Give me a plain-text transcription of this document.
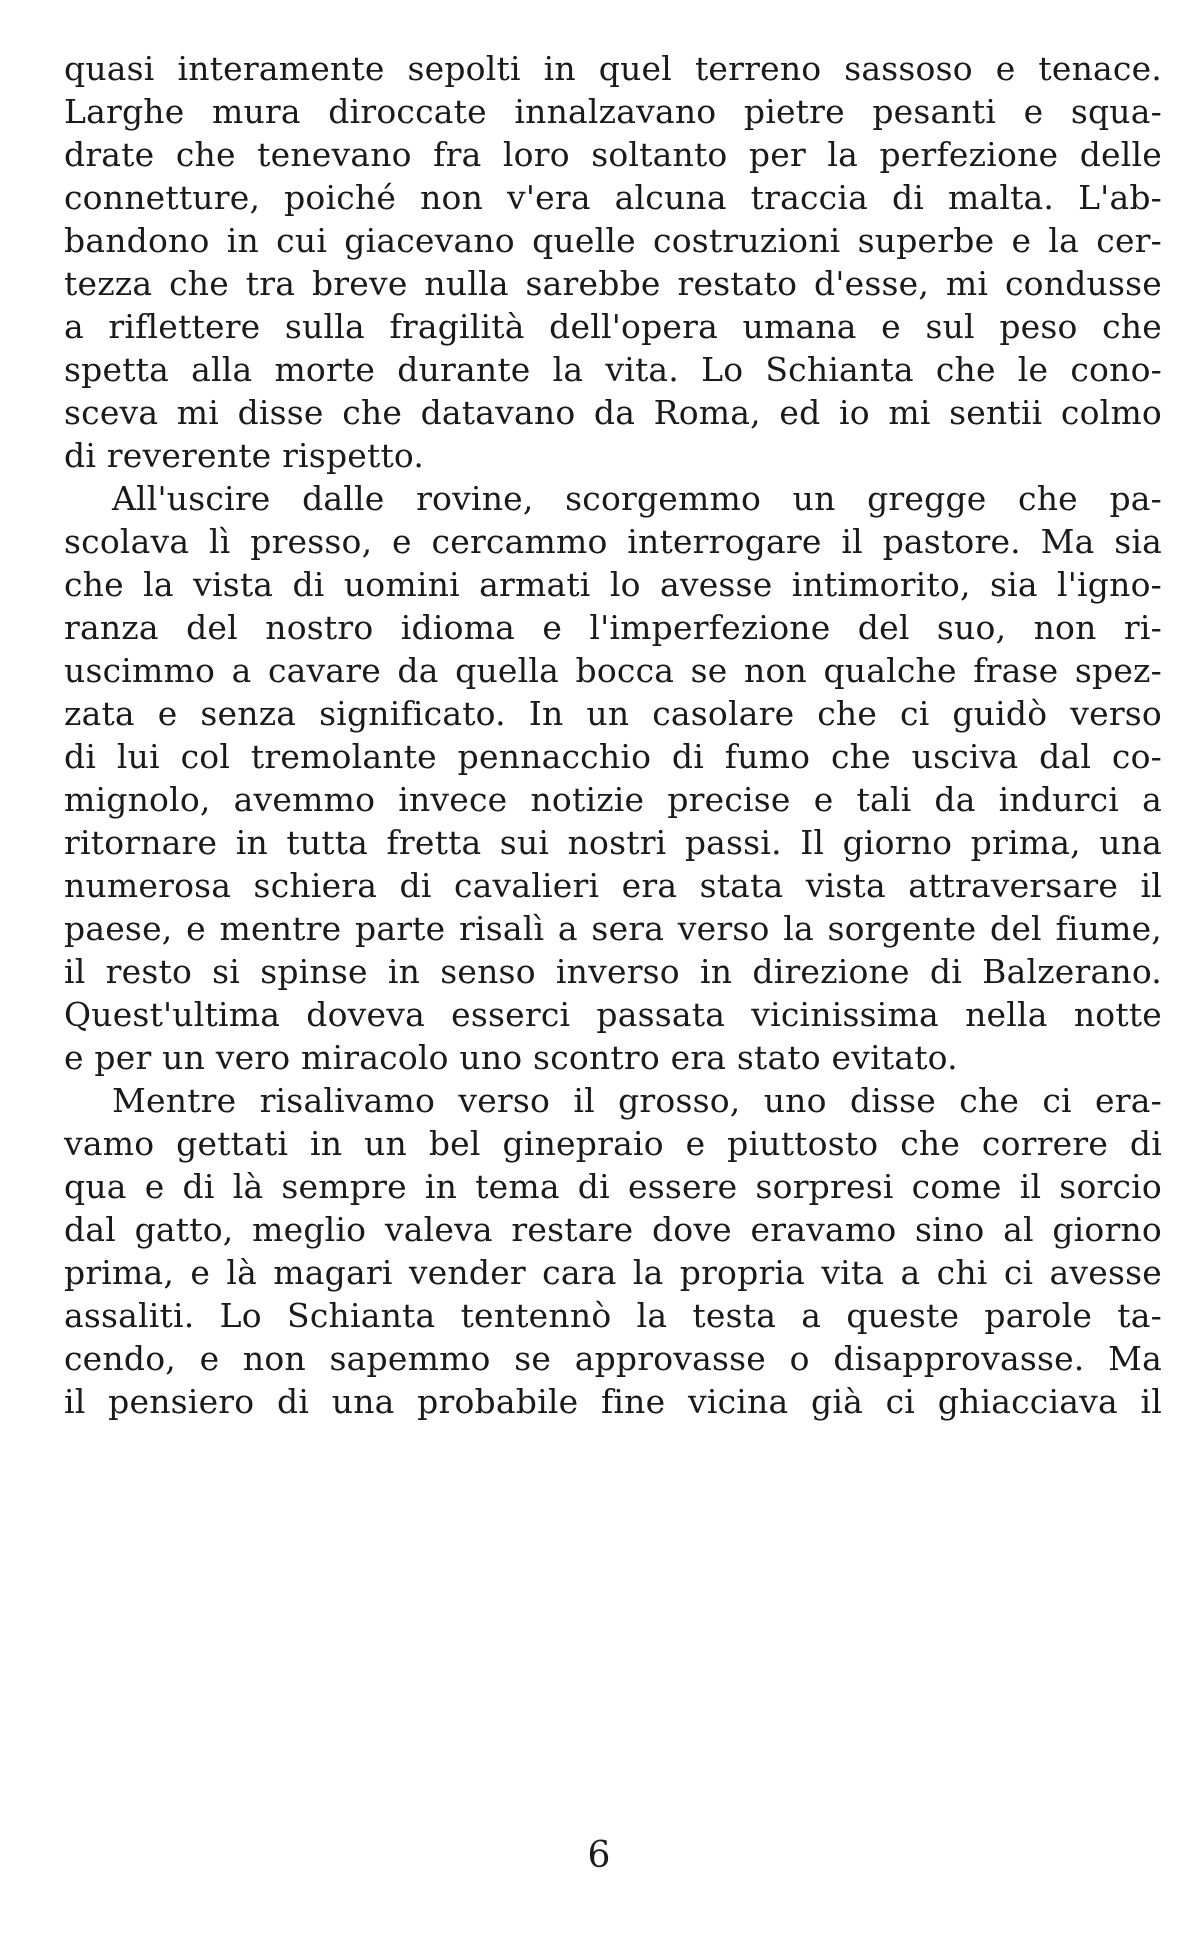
quasi interamente sepolti in quel terreno sassoso e tenace.
Larghe mura diroccate innalzavano pietre pesanti e squa-
drate che tenevano fra loro soltanto per la perfezione delle
connetture, poiché non v'era alcuna traccia di malta. L'ab-
bandono in cui giacevano quelle costruzioni superbe e la cer-
tezza che tra breve nulla sarebbe restato d'esse, mi condusse
a riflettere sulla fragilità dell'opera umana e sul peso che
spetta alla morte durante la vita. Lo Schianta che le cono-
sceva mi disse che datavano da Roma, ed io mi sentii colmo
di reverente rispetto.
All'uscire dalle rovine, scorgemmo un gregge che pa-
scolava lì presso, e cercammo interrogare il pastore. Ma sia
che la vista di uomini armati lo avesse intimorito, sia l'igno-
ranza del nostro idioma e l'imperfezione del suo, non ri-
uscimmo a cavare da quella bocca se non qualche frase spez-
zata e senza significato. In un casolare che ci guidò verso
di lui col tremolante pennacchio di fumo che usciva dal co-
mignolo, avemmo invece notizie precise e tali da indurci a
ritornare in tutta fretta sui nostri passi. Il giorno prima, una
numerosa schiera di cavalieri era stata vista attraversare il
paese, e mentre parte risalì a sera verso la sorgente del fiume,
il resto si spinse in senso inverso in direzione di Balzerano.
Quest'ultima doveva esserci passata vicinissima nella notte
e per un vero miracolo uno scontro era stato evitato.
Mentre risalivamo verso il grosso, uno disse che ci era-
vamo gettati in un bel ginepraio e piuttosto che correre di
qua e di là sempre in tema di essere sorpresi come il sorcio
dal gatto, meglio valeva restare dove eravamo sino al giorno
prima, e là magari vender cara la propria vita a chi ci avesse
assaliti. Lo Schianta tentennò la testa a queste parole ta-
cendo, e non sapemmo se approvasse o disapprovasse. Ma
il pensiero di una probabile fine vicina già ci ghiacciava il
6
